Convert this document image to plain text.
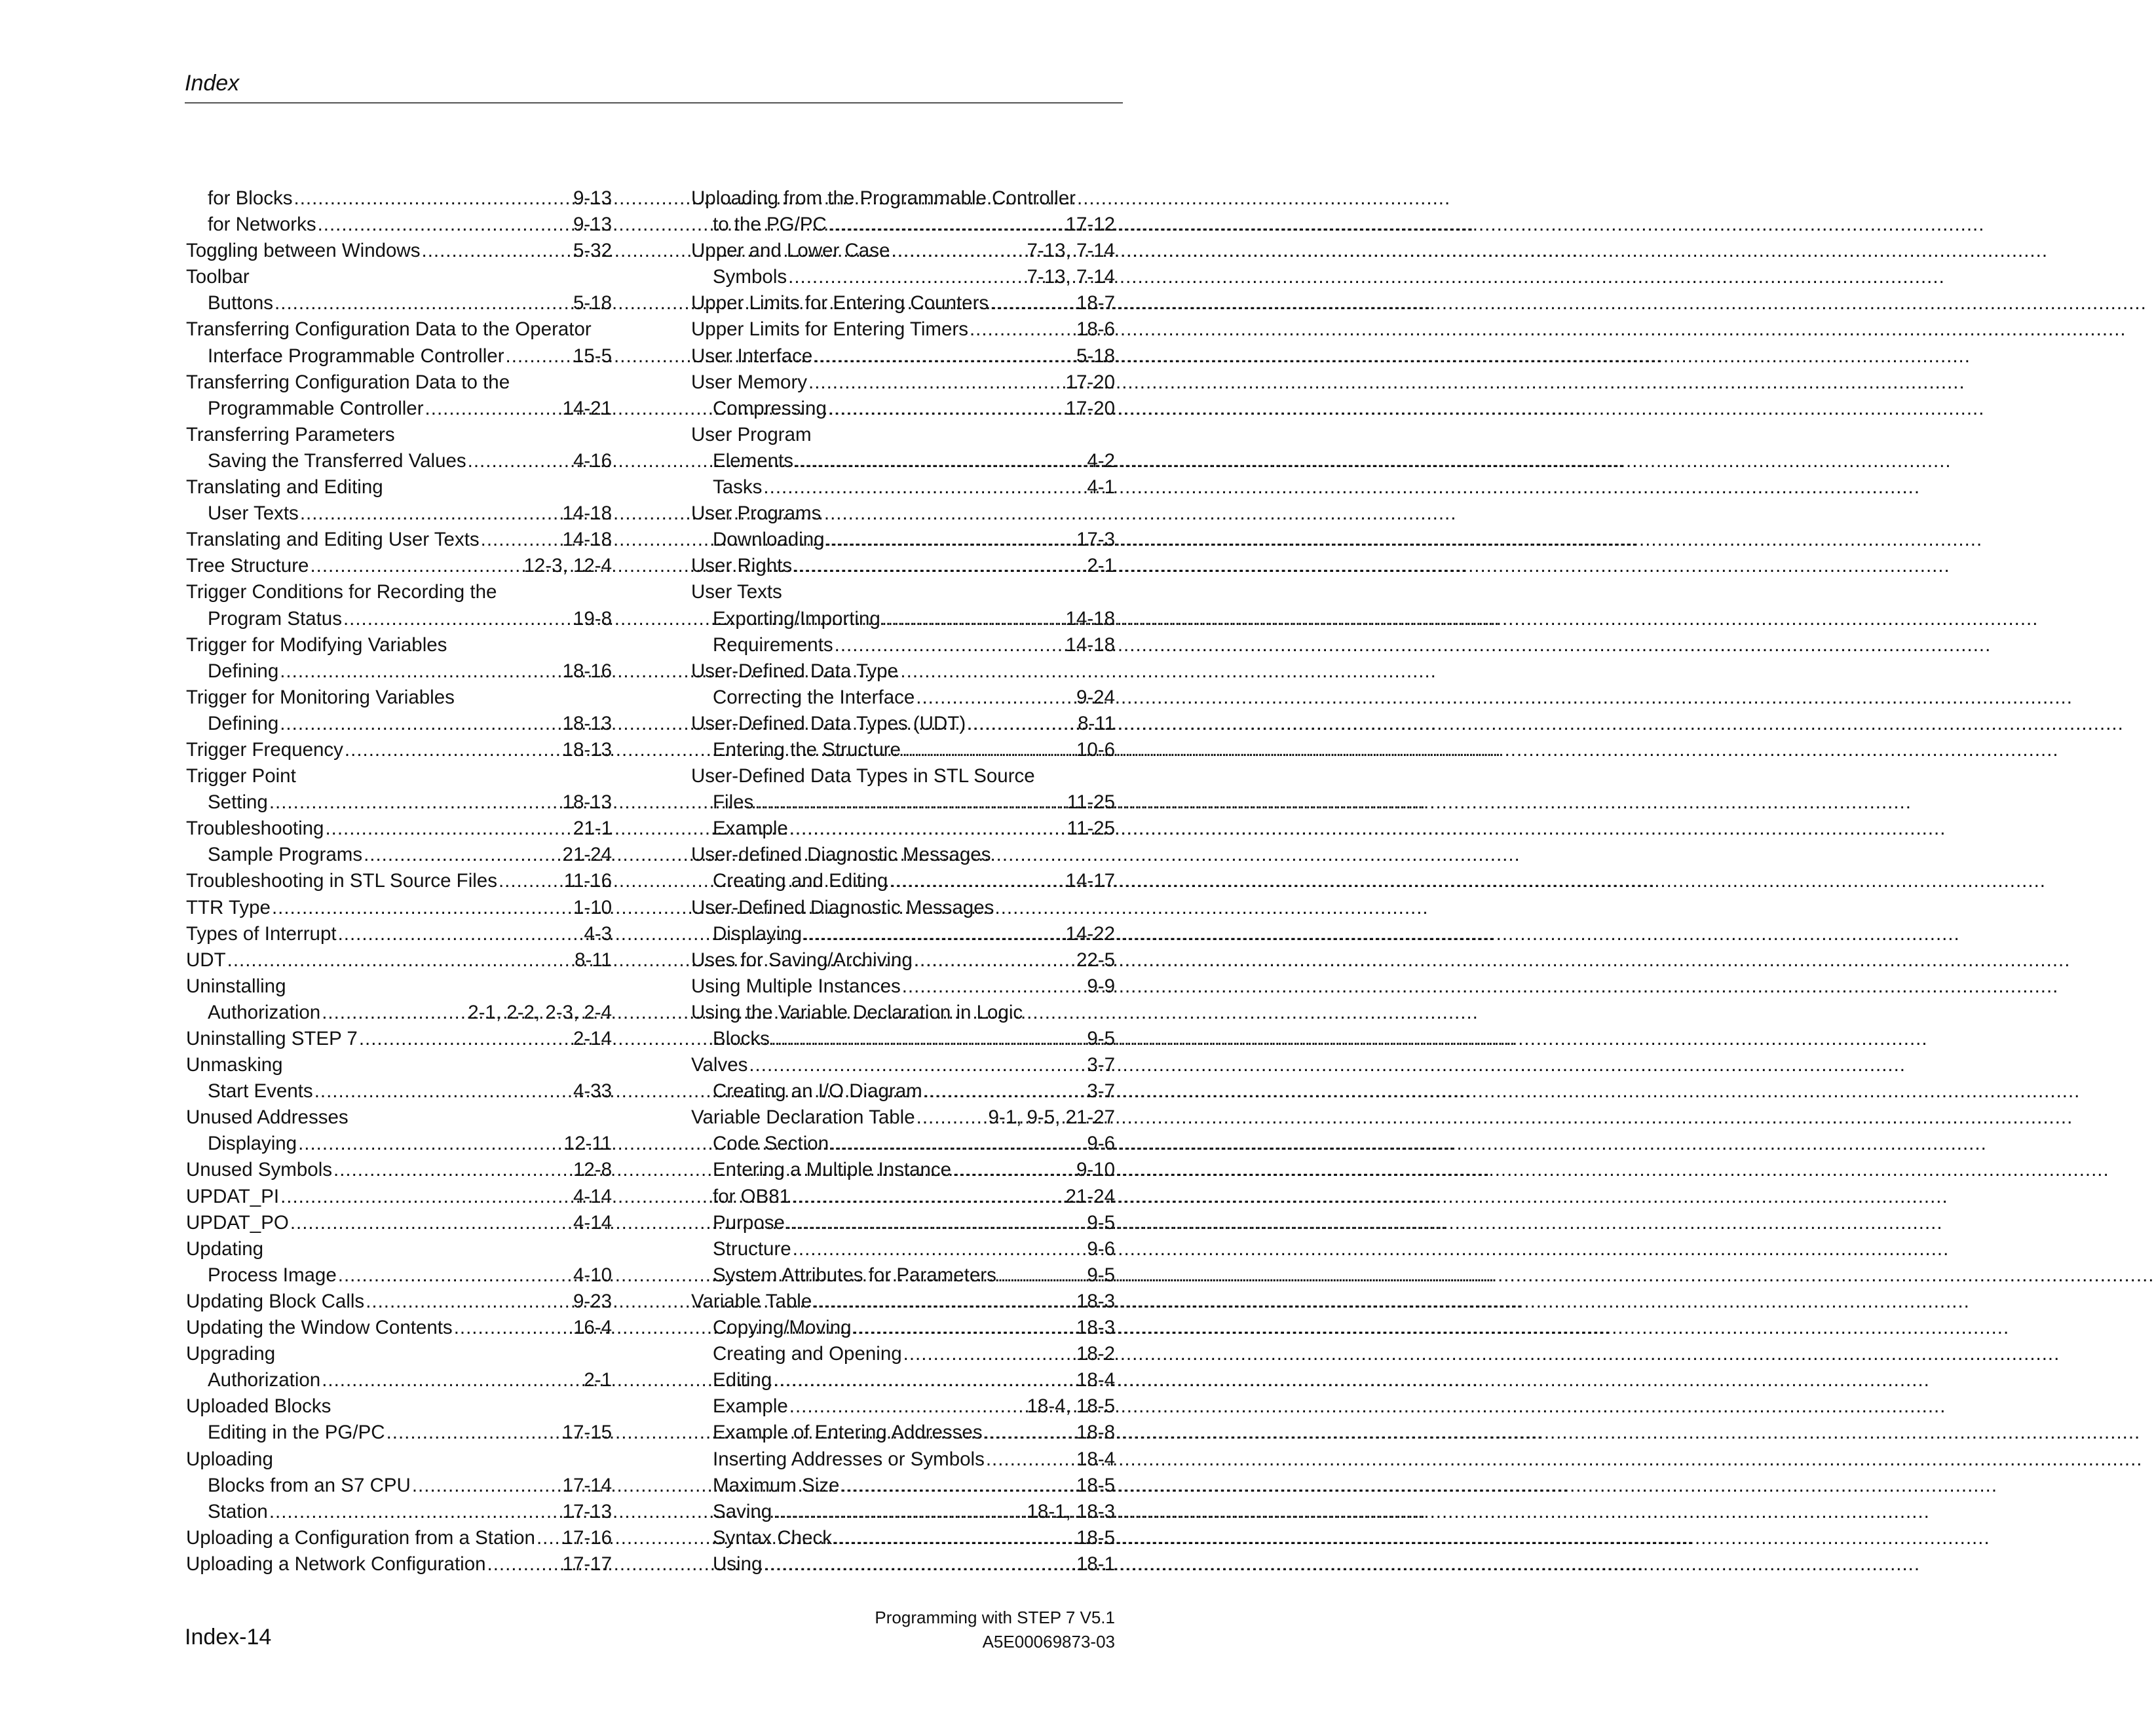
Index
for Blocks .....	9-13
for Networks .....	9-13
Toggling between Windows .....	5-32
Toolbar
Buttons .....	5-18
Transferring Configuration Data to the Operator
Interface Programmable Controller .....	15-5
Transferring Configuration Data to the
Programmable Controller .....	14-21
Transferring Parameters
Saving the Transferred Values .....	4-16
Translating and Editing
User Texts .....	14-18
Translating and Editing User Texts .....	14-18
Tree Structure .....	12-3, 12-4
Trigger Conditions for Recording the
Program Status .....	19-8
Trigger for Modifying Variables
Defining .....	18-16
Trigger for Monitoring Variables
Defining .....	18-13
Trigger Frequency .....	18-13
Trigger Point
Setting .....	18-13
Troubleshooting .....	21-1
Sample Programs .....	21-24
Troubleshooting in STL Source Files .....	11-16
TTR Type .....	1-10
Types of Interrupt .....	4-3
UDT .....	8-11
Uninstalling
Authorization .....	2-1, 2-2, 2-3, 2-4
Uninstalling STEP 7 .....	2-14
Unmasking
Start Events .....	4-33
Unused Addresses
Displaying .....	12-11
Unused Symbols .....	12-8
UPDAT_PI .....	4-14
UPDAT_PO .....	4-14
Updating
Process Image .....	4-10
Updating Block Calls .....	9-23
Updating the Window Contents .....	16-4
Upgrading
Authorization .....	2-1
Uploaded Blocks
Editing in the PG/PC .....	17-15
Uploading
Blocks from an S7 CPU .....	17-14
Station .....	17-13
Uploading a Configuration from a Station ..... 17-16
Uploading a Network Configuration .....	17-17
Uploading from the Programmable Controller
to the PG/PC .....	17-12
Upper and Lower Case .....	7-13, 7-14
Symbols .....	7-13, 7-14
Upper Limits for Entering Counters .....	18-7
Upper Limits for Entering Timers .....	18-6
User Interface .....	5-18
User Memory .....	17-20
Compressing .....	17-20
User Program
Elements .....	4-2
Tasks .....	4-1
User Programs
Downloading .....	17-3
User Rights .....	2-1
User Texts
Exporting/Importing .....	14-18
Requirements .....	14-18
User-Defined Data Type
Correcting the Interface .....	9-24
User-Defined Data Types (UDT) .....	8-11
Entering the Structure .....	10-6
User-Defined Data Types in STL Source
Files .....	11-25
Example .....	11-25
User-defined Diagnostic Messages
Creating and Editing .....	14-17
User-Defined Diagnostic Messages
Displaying .....	14-22
Uses for Saving/Archiving .....	22-5
Using Multiple Instances .....	9-9
Using the Variable Declaration in Logic
Blocks .....	9-5
Valves .....	3-7
Creating an I/O Diagram .....	3-7
Variable Declaration Table .....	9-1, 9-5, 21-27
Code Section .....	9-6
Entering a Multiple Instance .....	9-10
for OB81 .....	21-24
Purpose .....	9-5
Structure .....	9-6
System Attributes for Parameters .....	9-5
Variable Table .....	18-3
Copying/Moving .....	18-3
Creating and Opening .....	18-2
Editing .....	18-4
Example .....	18-4, 18-5
Example of Entering Addresses .....	18-8
Inserting Addresses or Symbols .....	18-4
Maximum Size .....	18-5
Saving .....	18-1, 18-3
Syntax Check .....	18-5
Using .....	18-1
Index-14
Programming with STEP 7 V5.1
A5E00069873-03
